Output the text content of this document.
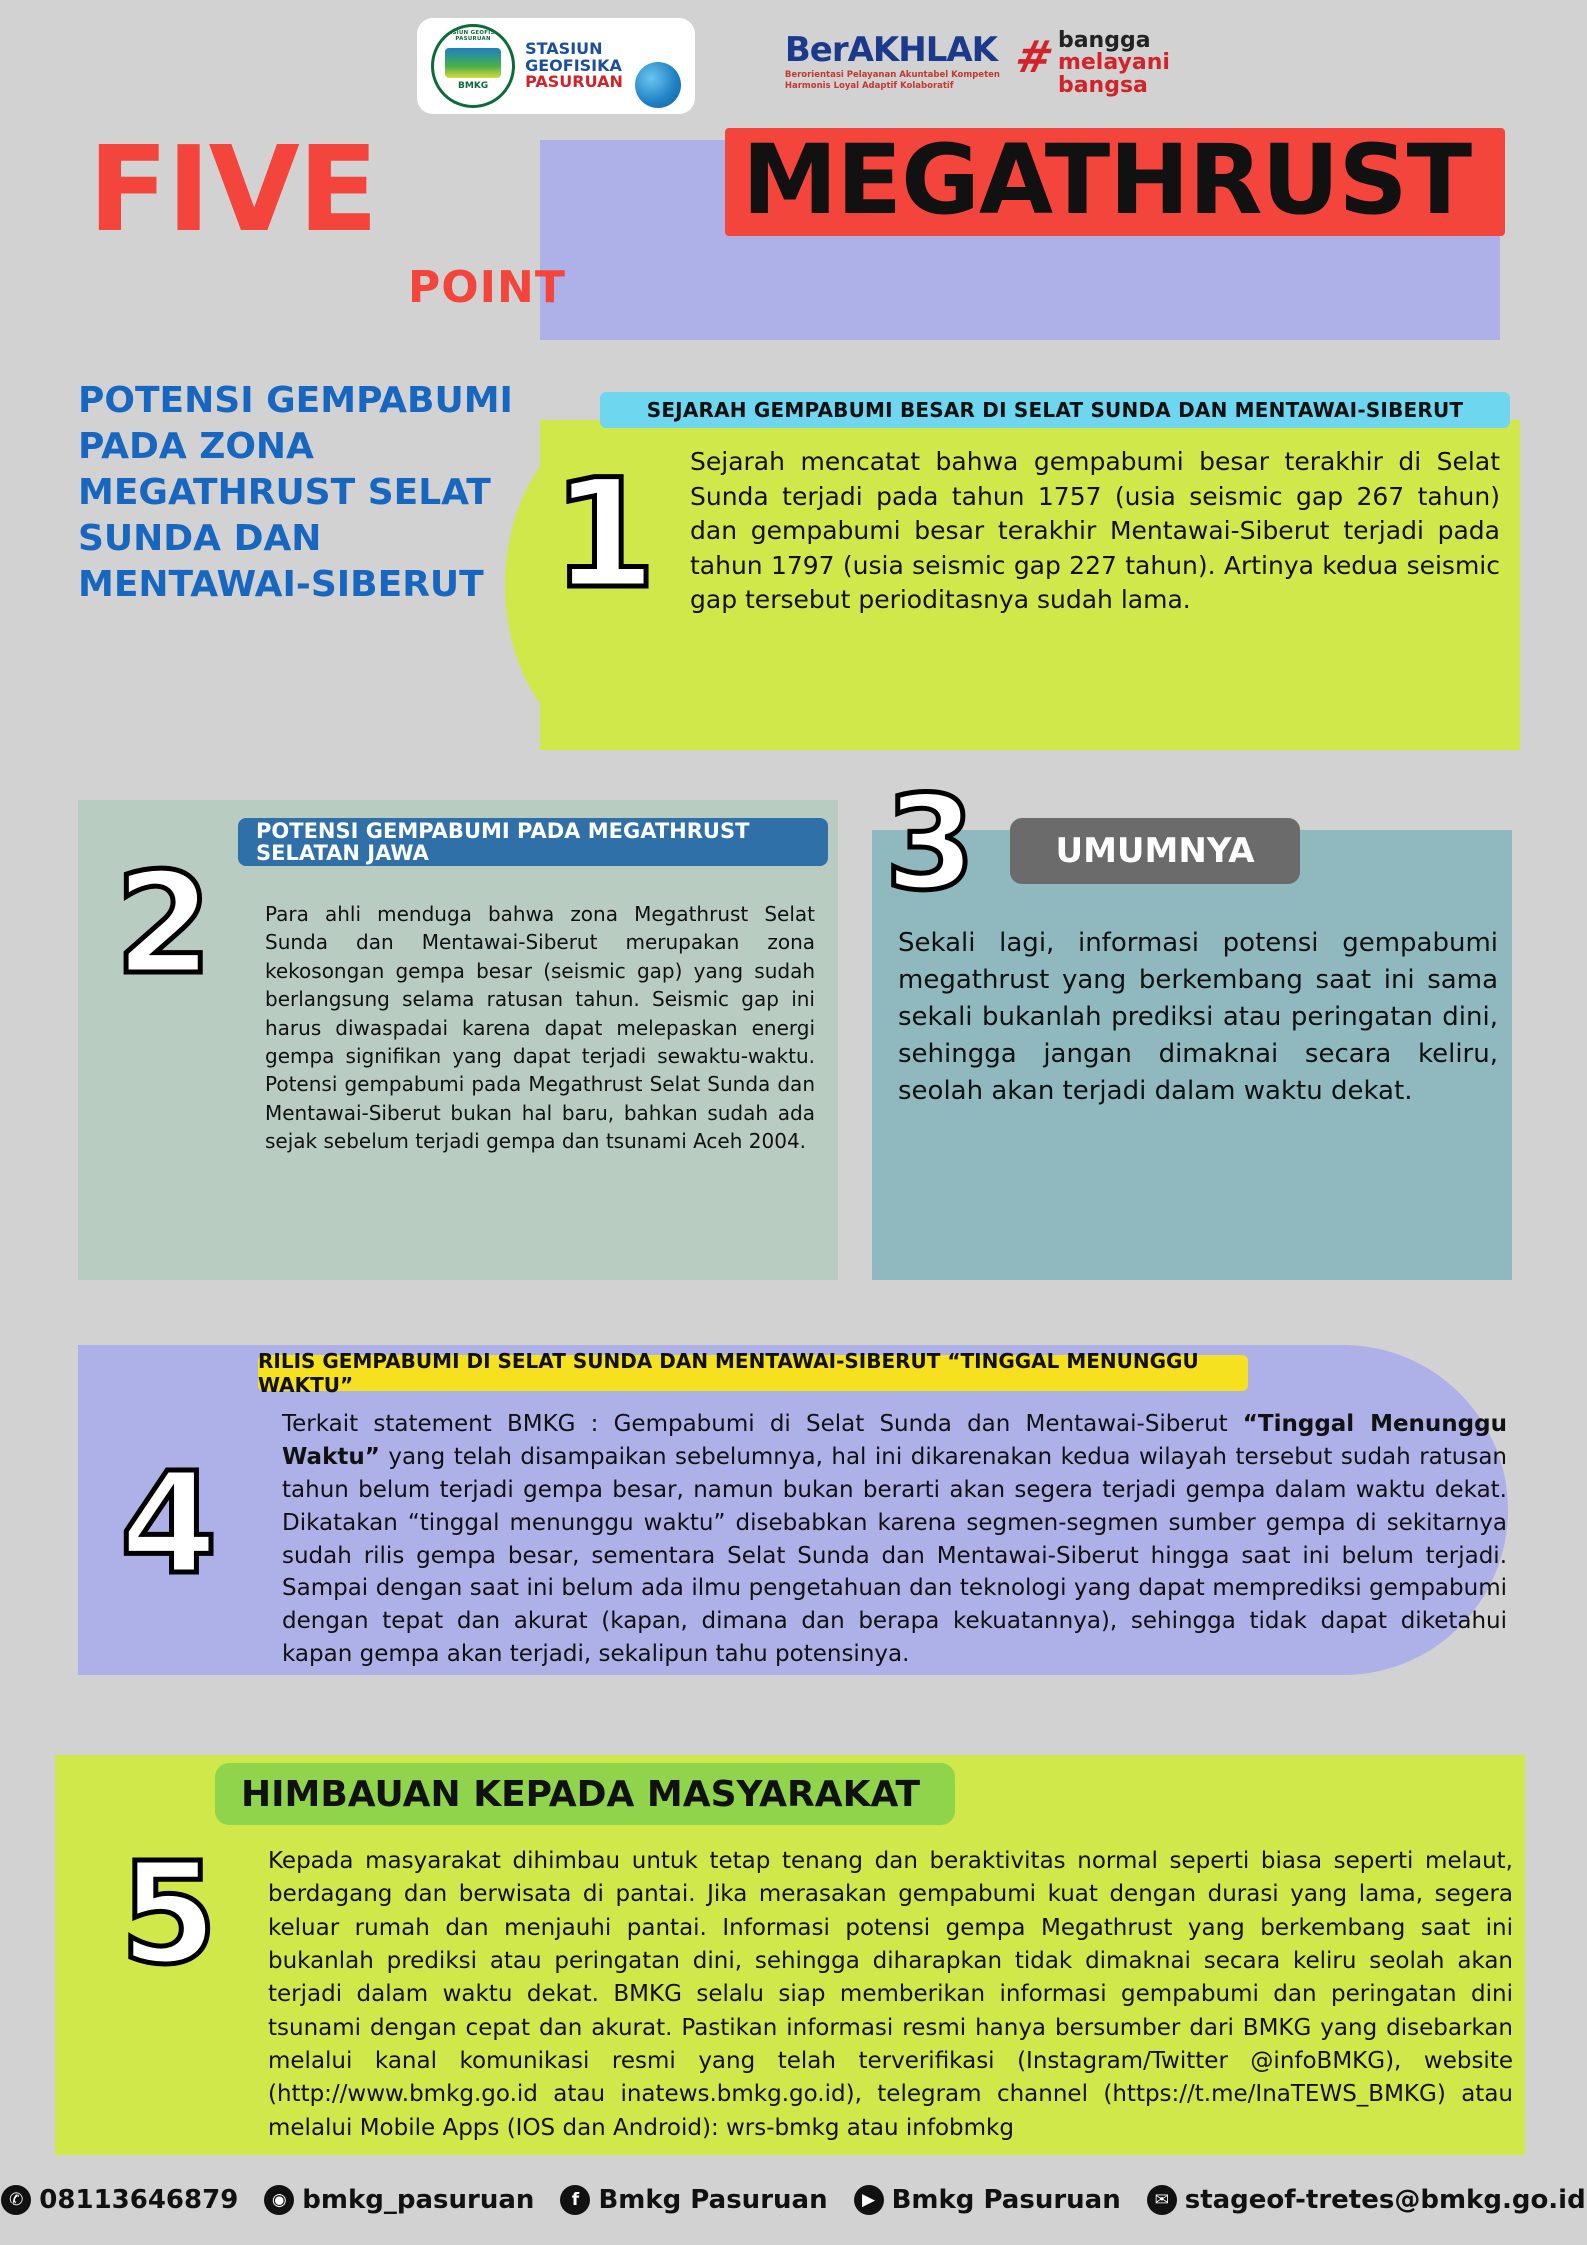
STASIUN GEOFISIKA PASURUAN
BMKG
STASIUN
GEOFISIKA
PASURUAN
BerAKHLAK
Berorientasi Pelayanan Akuntabel Kompeten
Harmonis Loyal Adaptif Kolaboratif
# bangga
melayani
bangsa
MEGATHRUST
FIVE
POINT
POTENSI GEMPABUMI PADA ZONA MEGATHRUST SELAT SUNDA DAN MENTAWAI-SIBERUT
SEJARAH GEMPABUMI BESAR DI SELAT SUNDA DAN MENTAWAI-SIBERUT
1 Sejarah mencatat bahwa gempabumi besar terakhir di Selat Sunda terjadi pada tahun 1757 (usia seismic gap 267 tahun) dan gempabumi besar terakhir Mentawai-Siberut terjadi pada tahun 1797 (usia seismic gap 227 tahun). Artinya kedua seismic gap tersebut perioditasnya sudah lama.
POTENSI GEMPABUMI PADA MEGATHRUST SELATAN JAWA
2	Para ahli menduga bahwa zona Megathrust Selat Sunda dan Mentawai-Siberut merupakan zona kekosongan gempa besar (seismic gap) yang sudah berlangsung selama ratusan tahun. Seismic gap ini harus diwaspadai karena dapat melepaskan energi gempa signifikan yang dapat terjadi sewaktu-waktu. Potensi gempabumi pada Megathrust Selat Sunda dan Mentawai-Siberut bukan hal baru, bahkan sudah ada sejak sebelum terjadi gempa dan tsunami Aceh 2004.
UMUMNYA
3
Sekali lagi, informasi potensi gempabumi megathrust yang berkembang saat ini sama sekali bukanlah prediksi atau peringatan dini, sehingga jangan dimaknai secara keliru, seolah akan terjadi dalam waktu dekat.
RILIS GEMPABUMI DI SELAT SUNDA DAN MENTAWAI-SIBERUT “TINGGAL MENUNGGU WAKTU”
4
Terkait statement BMKG : Gempabumi di Selat Sunda dan Mentawai-Siberut “Tinggal Menunggu Waktu” yang telah disampaikan sebelumnya, hal ini dikarenakan kedua wilayah tersebut sudah ratusan tahun belum terjadi gempa besar, namun bukan berarti akan segera terjadi gempa dalam waktu dekat. Dikatakan “tinggal menunggu waktu” disebabkan karena segmen-segmen sumber gempa di sekitarnya sudah rilis gempa besar, sementara Selat Sunda dan Mentawai-Siberut hingga saat ini belum terjadi. Sampai dengan saat ini belum ada ilmu pengetahuan dan teknologi yang dapat memprediksi gempabumi dengan tepat dan akurat (kapan, dimana dan berapa kekuatannya), sehingga tidak dapat diketahui kapan gempa akan terjadi, sekalipun tahu potensinya.
HIMBAUAN KEPADA MASYARAKAT
5 Kepada masyarakat dihimbau untuk tetap tenang dan beraktivitas normal seperti biasa seperti melaut, berdagang dan berwisata di pantai. Jika merasakan gempabumi kuat dengan durasi yang lama, segera keluar rumah dan menjauhi pantai. Informasi potensi gempa Megathrust yang berkembang saat ini bukanlah prediksi atau peringatan dini, sehingga diharapkan tidak dimaknai secara keliru seolah akan terjadi dalam waktu dekat. BMKG selalu siap memberikan informasi gempabumi dan peringatan dini tsunami dengan cepat dan akurat. Pastikan informasi resmi hanya bersumber dari BMKG yang disebarkan melalui kanal komunikasi resmi yang telah terverifikasi (Instagram/Twitter @infoBMKG), website (http://www.bmkg.go.id atau inatews.bmkg.go.id), telegram channel (https://t.me/InaTEWS_BMKG) atau melalui Mobile Apps (IOS dan Android): wrs-bmkg atau infobmkg
✆ 08113646879	◉ bmkg_pasuruan	f Bmkg Pasuruan	▶ Bmkg Pasuruan	✉ stageof-tretes@bmkg.go.id
